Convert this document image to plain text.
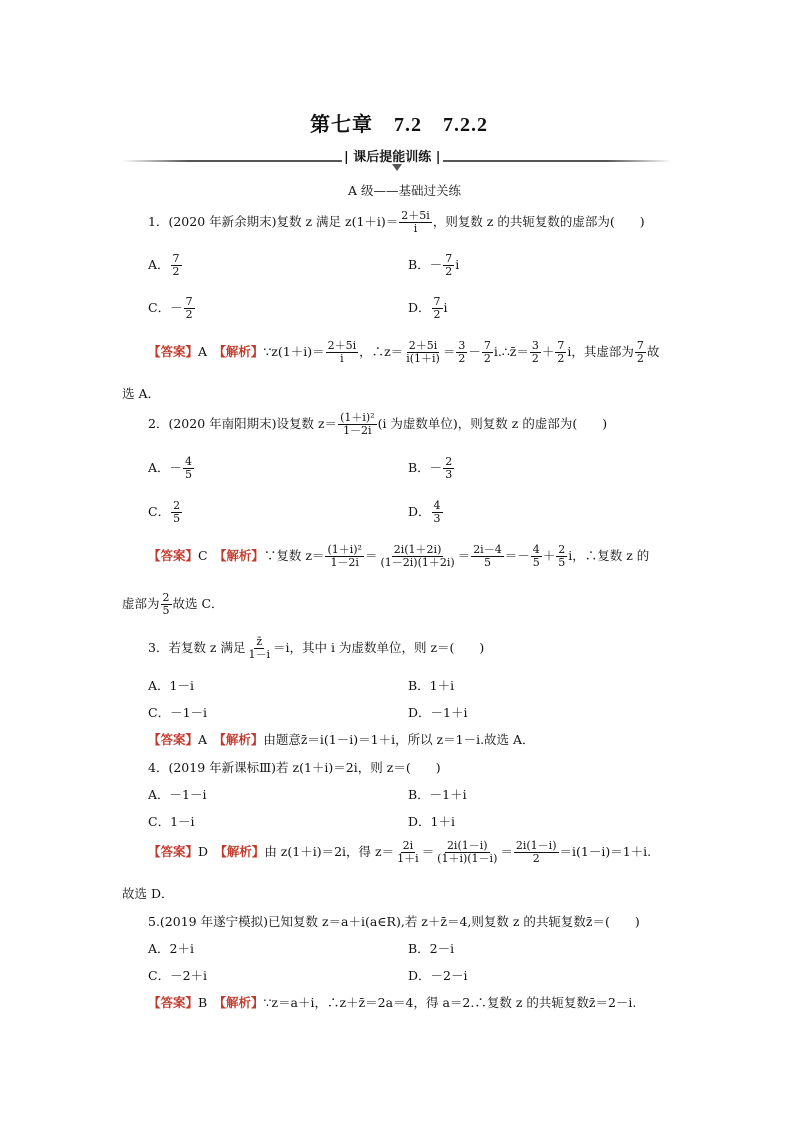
第七章　7.2　7.2.2
| 课后提能训练 |
A 级——基础过关练
1．(2020 年新余期末)复数 z 满足 $z(1+i)= \frac{2+5i}{i}$ ，则复数 z 的共轭复数的虚部为(　　)
A． $\frac{7}{2}$	B．－ $\frac{7}{2}$ i
C．－ $\frac{7}{2}$	D． $\frac{7}{2}$ i
【答案】A　 【解析】∵z(1＋i)＝ $\frac{2+5i}{i}$ ，∴z＝ $\frac{2+5i}{i(1+i)} = \frac{3}{2} - \frac{7}{2}$ i.∴z̄＝ $\frac{3}{2} + \frac{7}{2}$ i，其虚部为 $\frac{7}{2}$ 故
选 A．
2．(2020 年南阳期末)设复数 $z= \frac{\text{(1＋i)²}}{1-2i} (i$ 为虚数单位)，则复数 z 的虚部为(　　)
A．－ $\frac{4}{5}$	B．－ $\frac{2}{3}$
C． $\frac{2}{5}$	D． $\frac{4}{3}$
【答案】C　 【解析】∵复数 $z= \frac{\text{(1＋i)²}}{1-2i} = \frac{2i(1+2i)}{(1-2i)(1+2i)} = \frac{2i-4}{5} =- \frac{4}{5} + \frac{2}{5}$ i，∴复数 z 的
虚部为 $\frac{2}{5}$ 故选 C．
3．若复数 z 满足 $\frac{z̄}{1-i} =i$，其中 i 为虚数单位，则 z＝(　　)
A．1－i	B．1＋i
C．－1－i	D．－1＋i
【答案】A　 【解析】由题意z̄＝i(1－i)＝1＋i，所以 z＝1－i.故选 A．
4．(2019 年新课标Ⅲ)若 z(1＋i)＝2i，则 z＝(　　)
A．－1－i	B．－1＋i
C．1－i	D．1＋i
【答案】D　 【解析】由 z(1＋i)＝2i，得 $z= \frac{2i}{1+i} = \frac{2i(1-i)}{(1+i)(1-i)} = \frac{2i(1-i)}{2} =i(1-i)=1+i$.
故选 D．
5.(2019 年遂宁模拟)已知复数 z＝a＋i(a∈R),若 z＋z̄＝4,则复数 z 的共轭复数z̄＝(　　)
A．2＋i	B．2－i
C．－2＋i	D．－2－i
【答案】B　 【解析】∵z＝a＋i，∴z＋z̄＝2a＝4，得 a＝2.∴复数 z 的共轭复数z̄＝2－i.
